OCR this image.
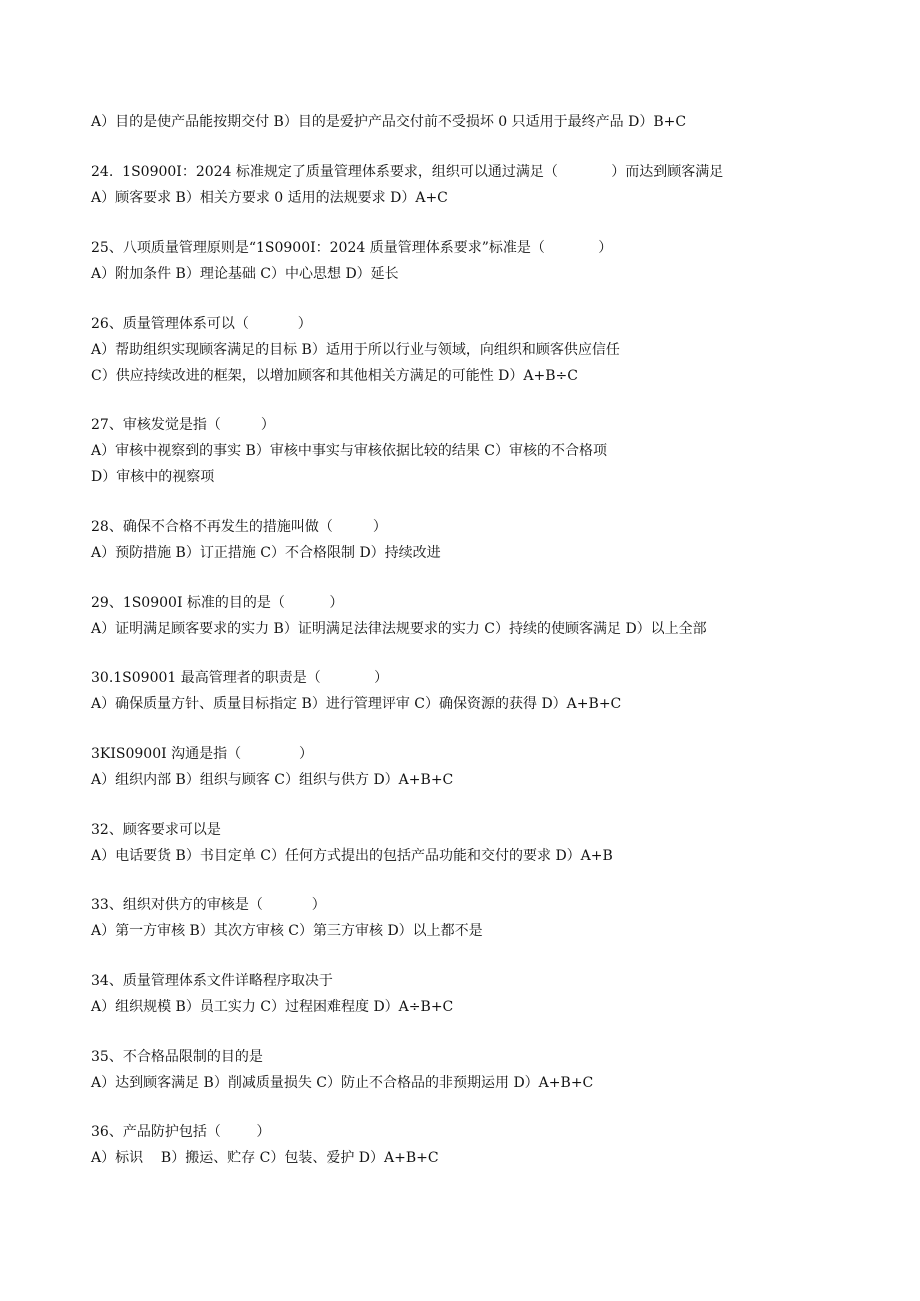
A）目的是使产品能按期交付 B）目的是爱护产品交付前不受损坏 0 只适用于最终产品 D）B+C
24.  1S0900I：2024 标准规定了质量管理体系要求，组织可以通过满足（            ）而达到顾客满足
A）顾客要求 B）相关方要求 0 适用的法规要求 D）A+C
25、八项质量管理原则是“1S0900I：2024 质量管理体系要求”标准是（            ）
A）附加条件 B）理论基础 C）中心思想 D）延长
26、质量管理体系可以（           ）
A）帮助组织实现顾客满足的目标 B）适用于所以行业与领域，向组织和顾客供应信任
C）供应持续改进的框架，以增加顾客和其他相关方满足的可能性 D）A+B÷C
27、审核发觉是指（         ）
A）审核中视察到的事实 B）审核中事实与审核依据比较的结果 C）审核的不合格项
D）审核中的视察项
28、确保不合格不再发生的措施叫做（         ）
A）预防措施 B）订正措施 C）不合格限制 D）持续改进
29、1S0900I 标准的目的是（          ）
A）证明满足顾客要求的实力 B）证明满足法律法规要求的实力 C）持续的使顾客满足 D）以上全部
30.1S09001 最高管理者的职责是（            ）
A）确保质量方针、质量目标指定 B）进行管理评审 C）确保资源的获得 D）A+B+C
3KIS0900I 沟通是指（             ）
A）组织内部 B）组织与顾客 C）组织与供方 D）A+B+C
32、顾客要求可以是
A）电话要货 B）书目定单 C）任何方式提出的包括产品功能和交付的要求 D）A+B
33、组织对供方的审核是（           ）
A）第一方审核 B）其次方审核 C）第三方审核 D）以上都不是
34、质量管理体系文件详略程序取决于
A）组织规模 B）员工实力 C）过程困难程度 D）A÷B+C
35、不合格品限制的目的是
A）达到顾客满足 B）削减质量损失 C）防止不合格品的非预期运用 D）A+B+C
36、产品防护包括（        ）
A）标识    B）搬运、贮存 C）包装、爱护 D）A+B+C
